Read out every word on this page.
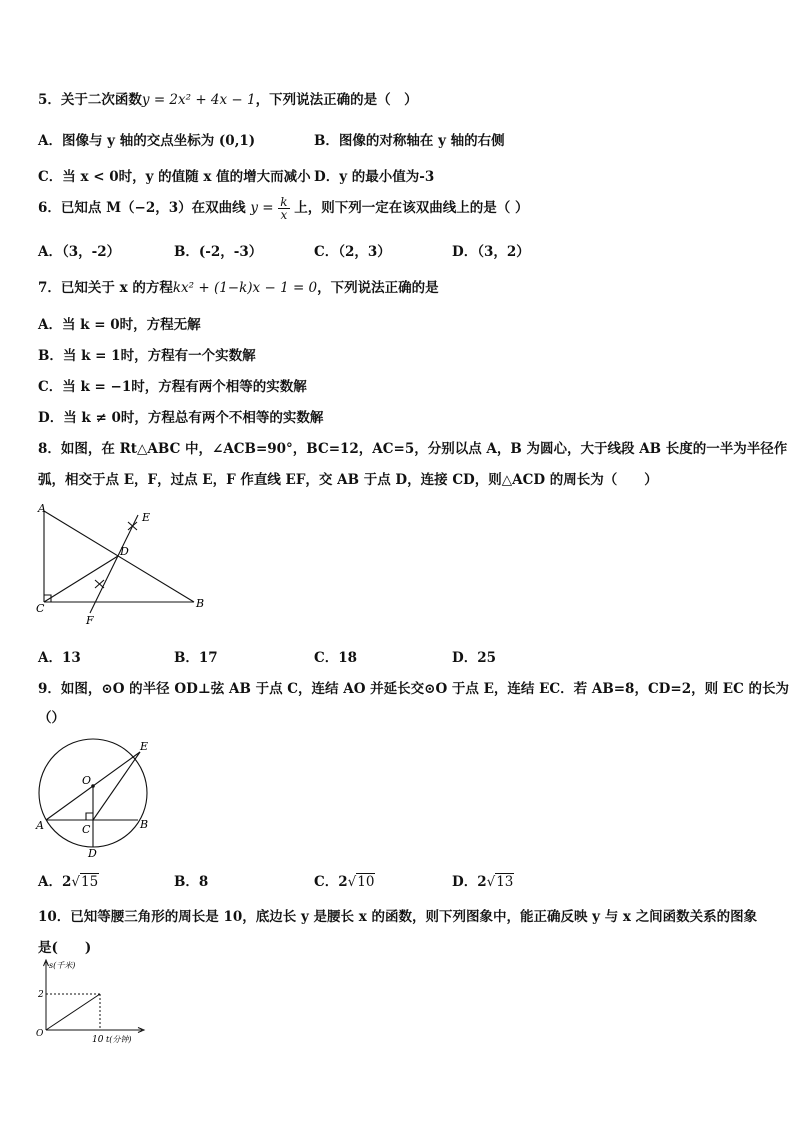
5．关于二次函数y = 2x² + 4x − 1，下列说法正确的是（　）
A．图像与 y 轴的交点坐标为 (0,1)	B．图像的对称轴在 y 轴的右侧
C．当 x < 0时，y 的值随 x 值的增大而减小 D．y 的最小值为-3
6．已知点 M（−2，3）在双曲线 $y = \frac{k}{x}$ 上，则下列一定在该双曲线上的是（ ）
A．（3，-2）	B．(-2，-3）	C．（2，3）	D．（3，2）
7．已知关于 x 的方程kx² + (1−k)x − 1 = 0，下列说法正确的是
A．当 k = 0时，方程无解
B．当 k = 1时，方程有一个实数解
C．当 k = −1时，方程有两个相等的实数解
D．当 k ≠ 0时，方程总有两个不相等的实数解
8．如图，在 Rt△ABC 中，∠ACB=90°，BC=12，AC=5，分别以点 A，B 为圆心，大于线段 AB 长度的一半为半径作
弧，相交于点 E，F，过点 E，F 作直线 EF，交 AB 于点 D，连接 CD，则△ACD 的周长为（　　）
A
B
C
D
E
F
A．13	B．17	C．18	D．25
9．如图，⊙O 的半径 OD⊥弦 AB 于点 C，连结 AO 并延长交⊙O 于点 E，连结 EC．若 AB=8，CD=2，则 EC 的长为
（）
O
A	B
C
D
E
A．2√15	B．8	C．2√10	D．2√13
10．已知等腰三角形的周长是 10，底边长 y 是腰长 x 的函数，则下列图象中，能正确反映 y 与 x 之间函数关系的图象
是(　　)
s(千米)
t(分钟)
O
2
10
